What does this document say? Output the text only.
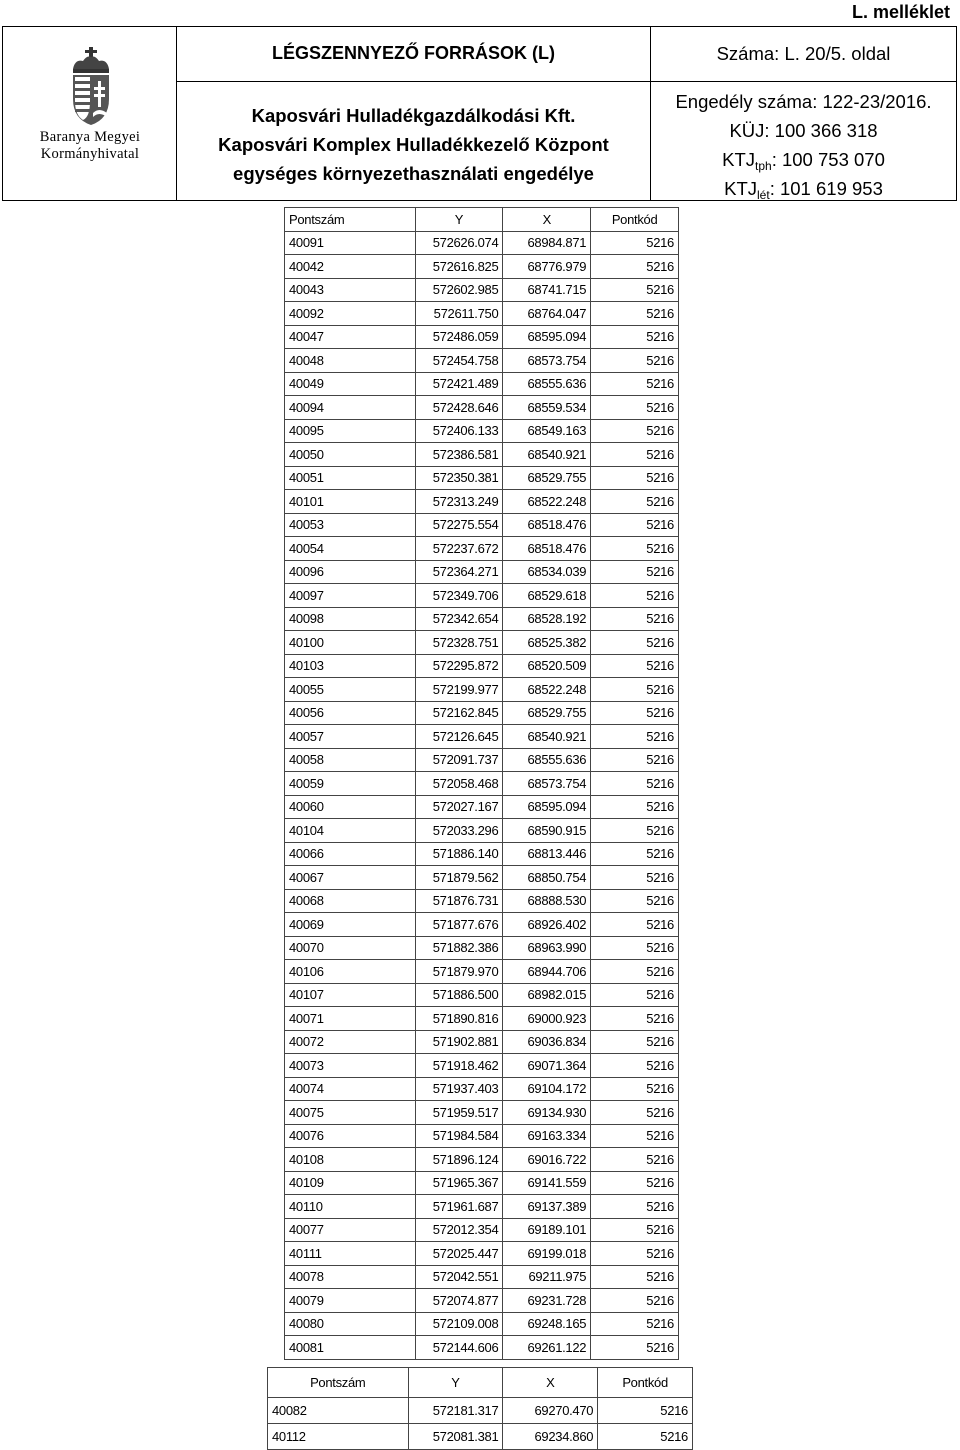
L. melléklet
Baranya Megyei
Kormányhivatal
LÉGSZENNYEZŐ FORRÁSOK (L)
Kaposvári Hulladékgazdálkodási Kft.
Kaposvári Komplex Hulladékkezelő Központ
egységes környezethasználati engedélye
Száma: L. 20/5. oldal
Engedély száma: 122-23/2016.
KÜJ: 100 366 318
$KTJ_{tph}$: 100 753 070
$KTJ_{lét}$: 101 619 953
Pontszám	Y	X	Pontkód
40091	572626.074	68984.871	5216
40042	572616.825	68776.979	5216
40043	572602.985	68741.715	5216
40092	572611.750	68764.047	5216
40047	572486.059	68595.094	5216
40048	572454.758	68573.754	5216
40049	572421.489	68555.636	5216
40094	572428.646	68559.534	5216
40095	572406.133	68549.163	5216
40050	572386.581	68540.921	5216
40051	572350.381	68529.755	5216
40101	572313.249	68522.248	5216
40053	572275.554	68518.476	5216
40054	572237.672	68518.476	5216
40096	572364.271	68534.039	5216
40097	572349.706	68529.618	5216
40098	572342.654	68528.192	5216
40100	572328.751	68525.382	5216
40103	572295.872	68520.509	5216
40055	572199.977	68522.248	5216
40056	572162.845	68529.755	5216
40057	572126.645	68540.921	5216
40058	572091.737	68555.636	5216
40059	572058.468	68573.754	5216
40060	572027.167	68595.094	5216
40104	572033.296	68590.915	5216
40066	571886.140	68813.446	5216
40067	571879.562	68850.754	5216
40068	571876.731	68888.530	5216
40069	571877.676	68926.402	5216
40070	571882.386	68963.990	5216
40106	571879.970	68944.706	5216
40107	571886.500	68982.015	5216
40071	571890.816	69000.923	5216
40072	571902.881	69036.834	5216
40073	571918.462	69071.364	5216
40074	571937.403	69104.172	5216
40075	571959.517	69134.930	5216
40076	571984.584	69163.334	5216
40108	571896.124	69016.722	5216
40109	571965.367	69141.559	5216
40110	571961.687	69137.389	5216
40077	572012.354	69189.101	5216
40111	572025.447	69199.018	5216
40078	572042.551	69211.975	5216
40079	572074.877	69231.728	5216
40080	572109.008	69248.165	5216
40081	572144.606	69261.122	5216
Pontszám	Y	X	Pontkód
40082	572181.317	69270.470	5216
40112	572081.381	69234.860	5216
